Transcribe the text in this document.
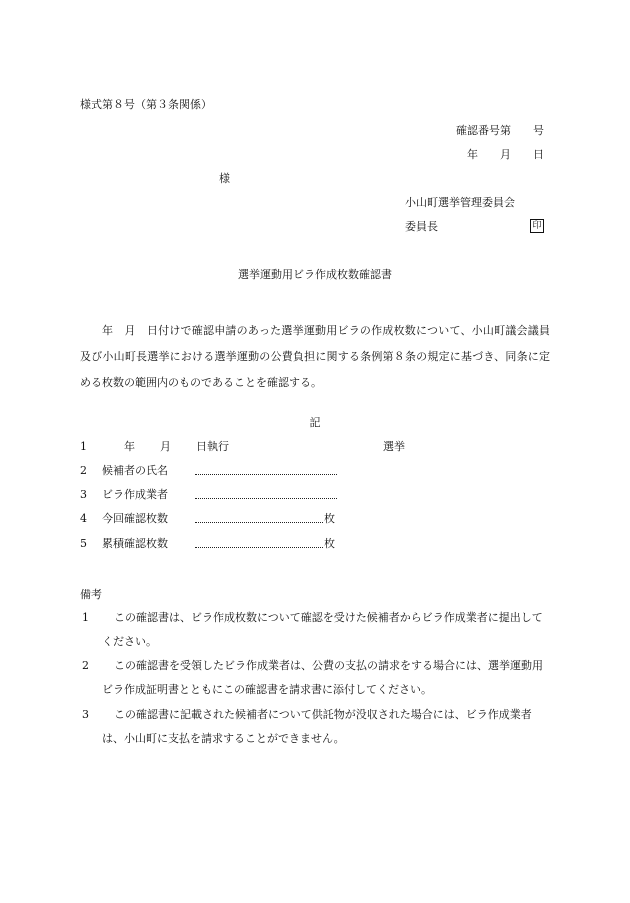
様式第８号（第３条関係）
確認番号第　　号
年　　月　　日
様
小山町選挙管理委員会
委員長	印
選挙運動用ビラ作成枚数確認書
年　月　日付けで確認申請のあった選挙運動用ビラの作成枚数について、小山町議会議員及び小山町長選挙における選挙運動の公費負担に関する条例第８条の規定に基づき、同条に定める枚数の範囲内のものであることを確認する。
記
1	年 月 日執行	選挙
2 候補者の氏名
3 ビラ作成業者
4 今回確認枚数	枚
5 累積確認枚数	枚
備考
1 この確認書は、ビラ作成枚数について確認を受けた候補者からビラ作成業者に提出してください。
2 この確認書を受領したビラ作成業者は、公費の支払の請求をする場合には、選挙運動用ビラ作成証明書とともにこの確認書を請求書に添付してください。
3 この確認書に記載された候補者について供託物が没収された場合には、ビラ作成業者は、小山町に支払を請求することができません。
